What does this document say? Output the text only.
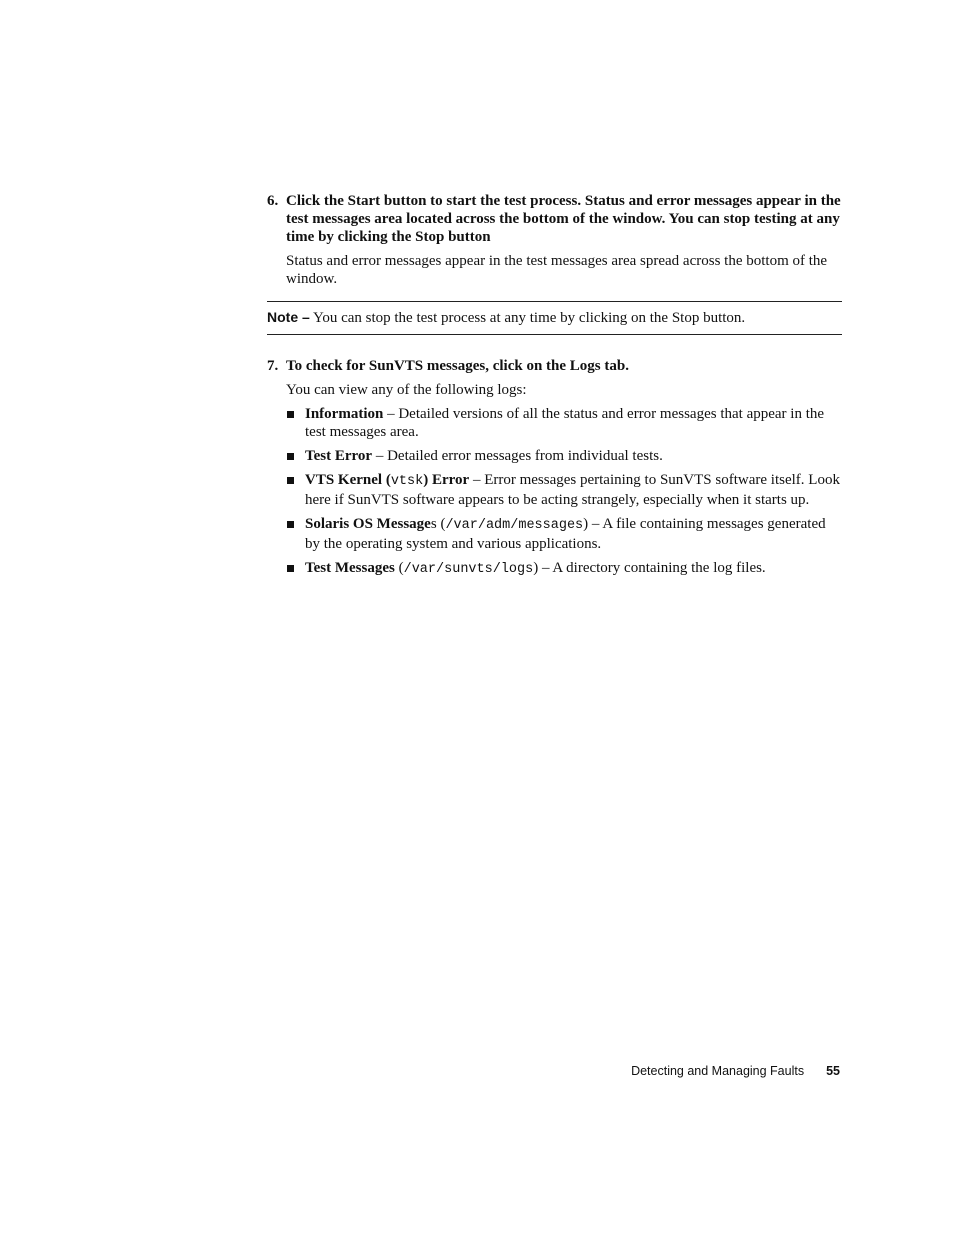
6. Click the Start button to start the test process. Status and error messages appear in the test messages area located across the bottom of the window. You can stop testing at any time by clicking the Stop button
Status and error messages appear in the test messages area spread across the bottom of the window.
Note – You can stop the test process at any time by clicking on the Stop button.
7. To check for SunVTS messages, click on the Logs tab.
You can view any of the following logs:
Information – Detailed versions of all the status and error messages that appear in the test messages area.
Test Error – Detailed error messages from individual tests.
VTS Kernel (vtsk) Error – Error messages pertaining to SunVTS software itself. Look here if SunVTS software appears to be acting strangely, especially when it starts up.
Solaris OS Messages (/var/adm/messages) – A file containing messages generated by the operating system and various applications.
Test Messages (/var/sunvts/logs) – A directory containing the log files.
Detecting and Managing Faults 55
